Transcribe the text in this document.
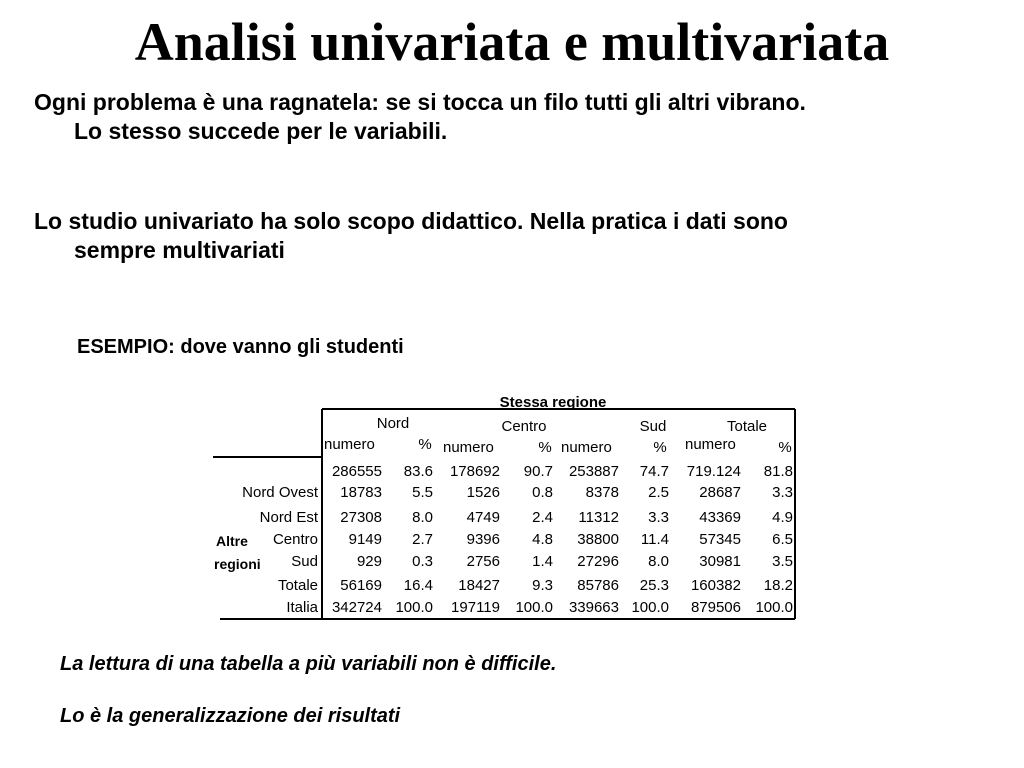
Analisi univariata e multivariata
Ogni problema è una ragnatela: se si tocca un filo tutti gli altri vibrano.
Lo stesso succede per le variabili.
Lo studio univariato ha solo scopo didattico. Nella pratica i dati sono
sempre multivariati
ESEMPIO: dove vanno gli studenti
Stessa regione
Nord	Centro	Sud	Totale
numero	% numero	% numero	% numero	%
Altre
regioni
286555 83.6 178692 90.7 253887 74.7 719.124 81.8
Nord Ovest 18783 5.5 1526 0.8 8378 2.5 28687 3.3
Nord Est 27308 8.0 4749 2.4 11312 3.3 43369 4.9
Centro 9149 2.7 9396 4.8 38800 11.4 57345 6.5
Sud	929 0.3 2756 1.4 27296 8.0 30981 3.5
Totale 56169 16.4 18427 9.3 85786 25.3 160382 18.2
Italia 342724 100.0 197119 100.0 339663 100.0 879506 100.0
La lettura di una tabella a più variabili non è difficile.
Lo è la generalizzazione dei risultati
